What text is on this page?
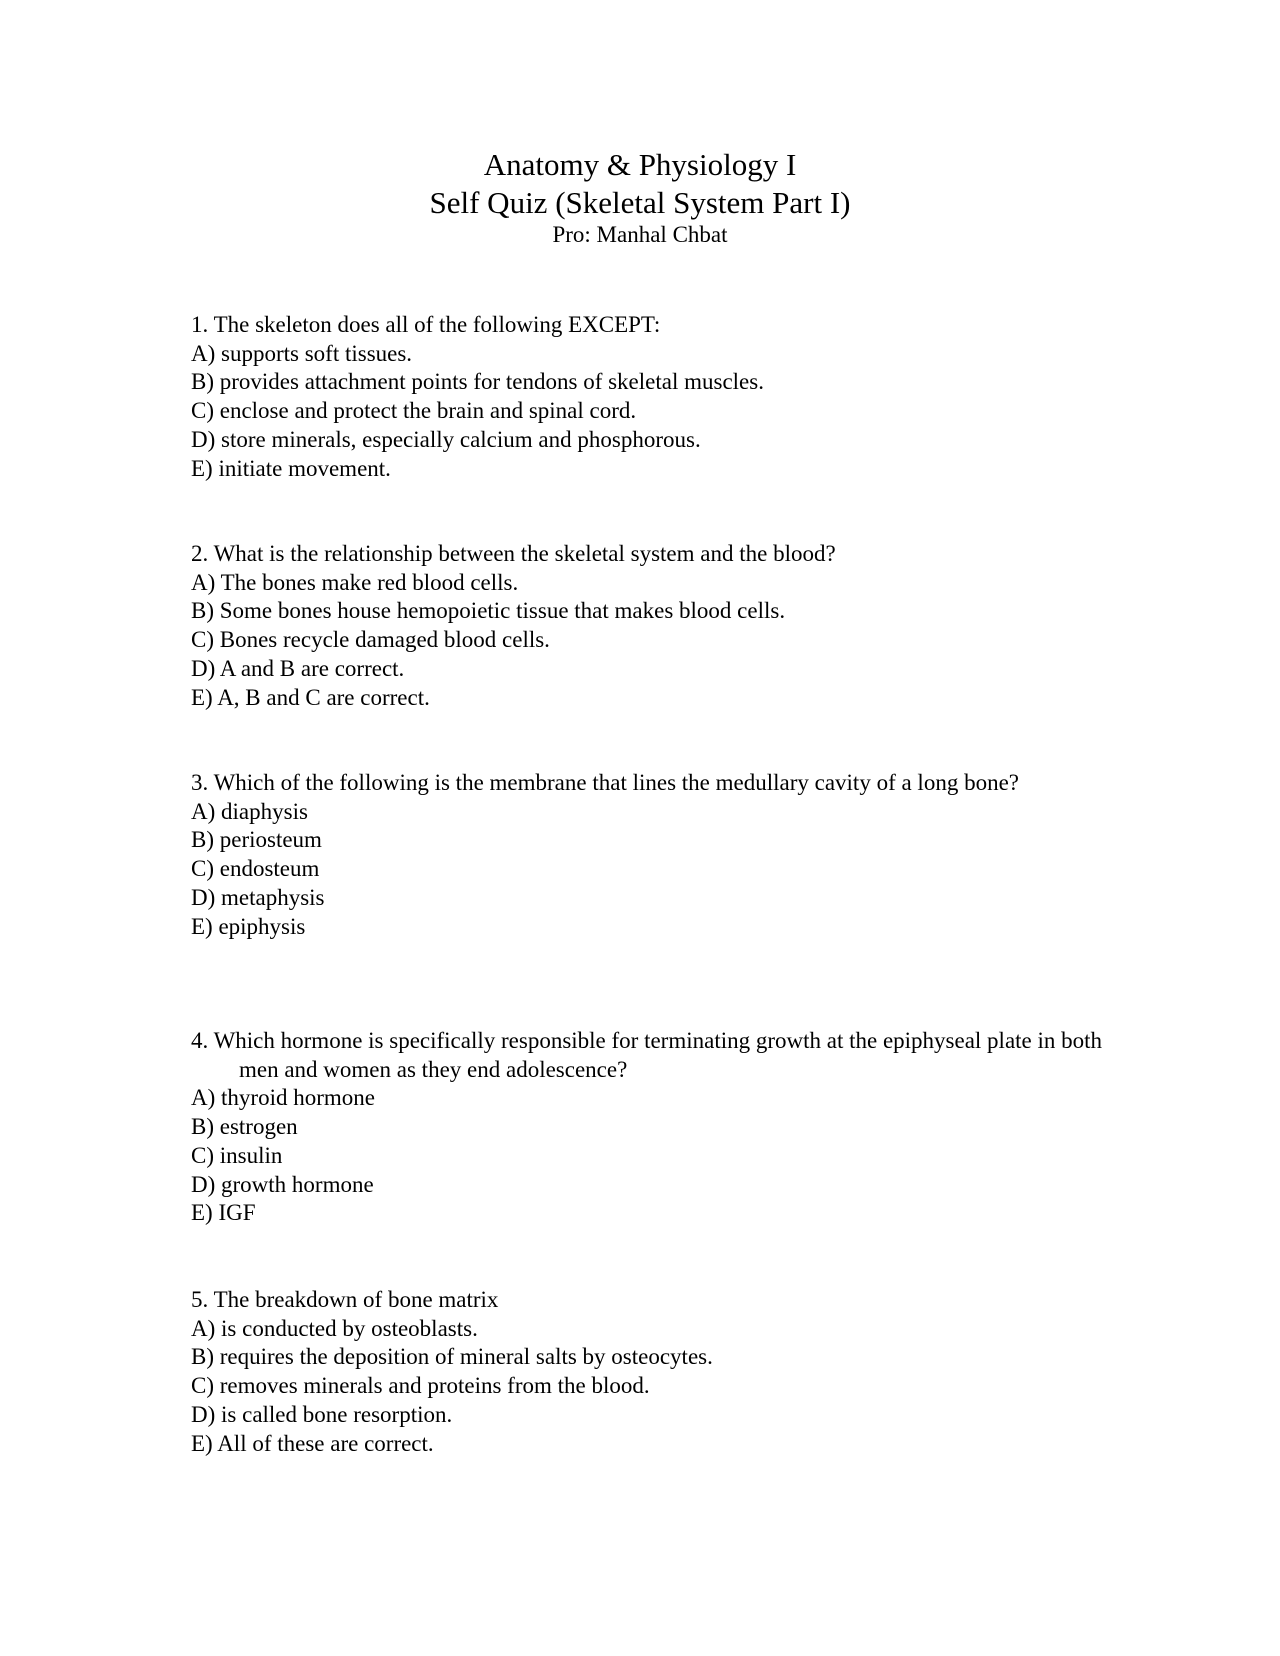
Anatomy & Physiology I

Self Quiz (Skeletal System Part I)

Pro: Manhal Chbat

1. The skeleton does all of the following EXCEPT:

A) supports soft tissues.

B) provides attachment points for tendons of skeletal muscles.

C) enclose and protect the brain and spinal cord.

D) store minerals, especially calcium and phosphorous.

E) initiate movement.

2. What is the relationship between the skeletal system and the blood?

A) The bones make red blood cells.

B) Some bones house hemopoietic tissue that makes blood cells.

C) Bones recycle damaged blood cells.

D) A and B are correct.

E) A, B and C are correct.

3. Which of the following is the membrane that lines the medullary cavity of a long bone?

A) diaphysis

B) periosteum

C) endosteum

D) metaphysis

E) epiphysis

4. Which hormone is specifically responsible for terminating growth at the epiphyseal plate in both men and women as they end adolescence?

A) thyroid hormone

B) estrogen

C) insulin

D) growth hormone

E) IGF

5. The breakdown of bone matrix

A) is conducted by osteoblasts.

B) requires the deposition of mineral salts by osteocytes.

C) removes minerals and proteins from the blood.

D) is called bone resorption.

E) All of these are correct.
